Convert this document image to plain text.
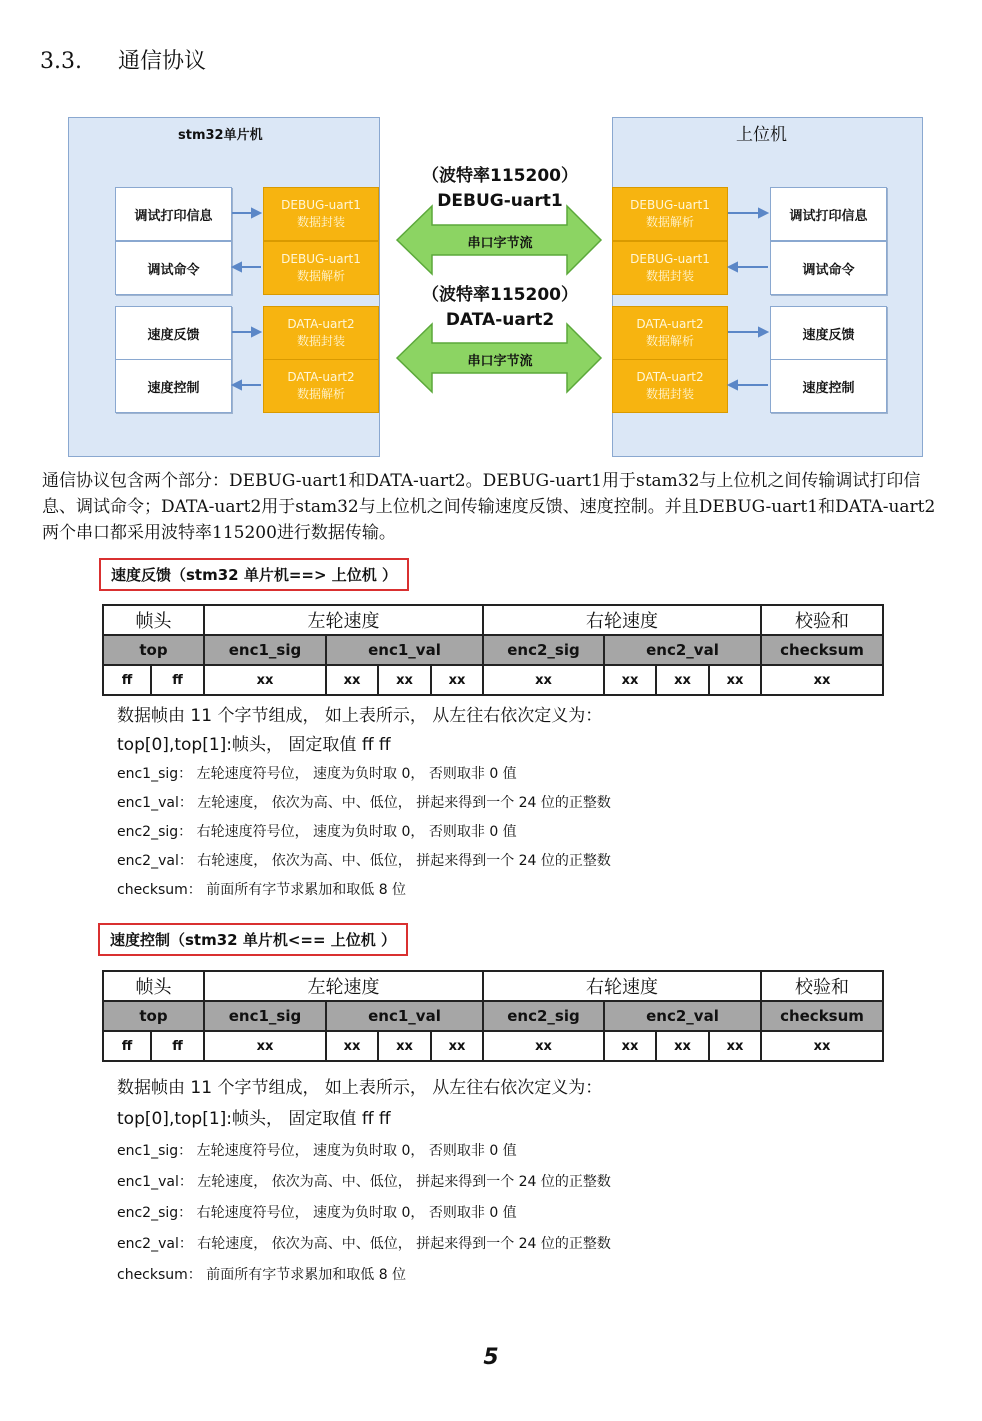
3.3. 通信协议
stm32单片机	上位机
调试打印信息
调试命令
速度反馈
速度控制
DEBUG-uart1
数据封装
DEBUG-uart1
数据解析
DATA-uart2
数据封装
DATA-uart2
数据解析
DEBUG-uart1
数据解析
DEBUG-uart1
数据封装
DATA-uart2
数据解析
DATA-uart2
数据封装
调试打印信息
调试命令
速度反馈
速度控制
（波特率115200）
DEBUG-uart1
串口字节流
（波特率115200）
DATA-uart2
串口字节流
通信协议包含两个部分：DEBUG-uart1和DATA-uart2。DEBUG-uart1用于stam32与上位机之间传输调试打印信息、调试命令；DATA-uart2用于stam32与上位机之间传输速度反馈、速度控制。并且DEBUG-uart1和DATA-uart2两个串口都采用波特率115200进行数据传输。
速度反馈（stm32 单片机==> 上位机 ）
帧头		左轮速度				右轮速度				校验和
top		enc1_sig	enc1_val			enc2_sig	enc2_val			checksum
ff	ff	xx	xx	xx	xx	xx	xx	xx	xx	xx
数据帧由 11 个字节组成， 如上表所示， 从左往右依次定义为：
top[0],top[1]:帧头， 固定取值 ff ff
enc1_sig： 左轮速度符号位， 速度为负时取 0， 否则取非 0 值
enc1_val： 左轮速度， 依次为高、中、低位， 拼起来得到一个 24 位的正整数
enc2_sig： 右轮速度符号位， 速度为负时取 0， 否则取非 0 值
enc2_val： 右轮速度， 依次为高、中、低位， 拼起来得到一个 24 位的正整数
checksum： 前面所有字节求累加和取低 8 位
速度控制（stm32 单片机<== 上位机 ）
帧头		左轮速度				右轮速度				校验和
top		enc1_sig	enc1_val			enc2_sig	enc2_val			checksum
ff	ff	xx	xx	xx	xx	xx	xx	xx	xx	xx
数据帧由 11 个字节组成， 如上表所示， 从左往右依次定义为：
top[0],top[1]:帧头， 固定取值 ff ff
enc1_sig： 左轮速度符号位， 速度为负时取 0， 否则取非 0 值
enc1_val： 左轮速度， 依次为高、中、低位， 拼起来得到一个 24 位的正整数
enc2_sig： 右轮速度符号位， 速度为负时取 0， 否则取非 0 值
enc2_val： 右轮速度， 依次为高、中、低位， 拼起来得到一个 24 位的正整数
checksum： 前面所有字节求累加和取低 8 位
5
